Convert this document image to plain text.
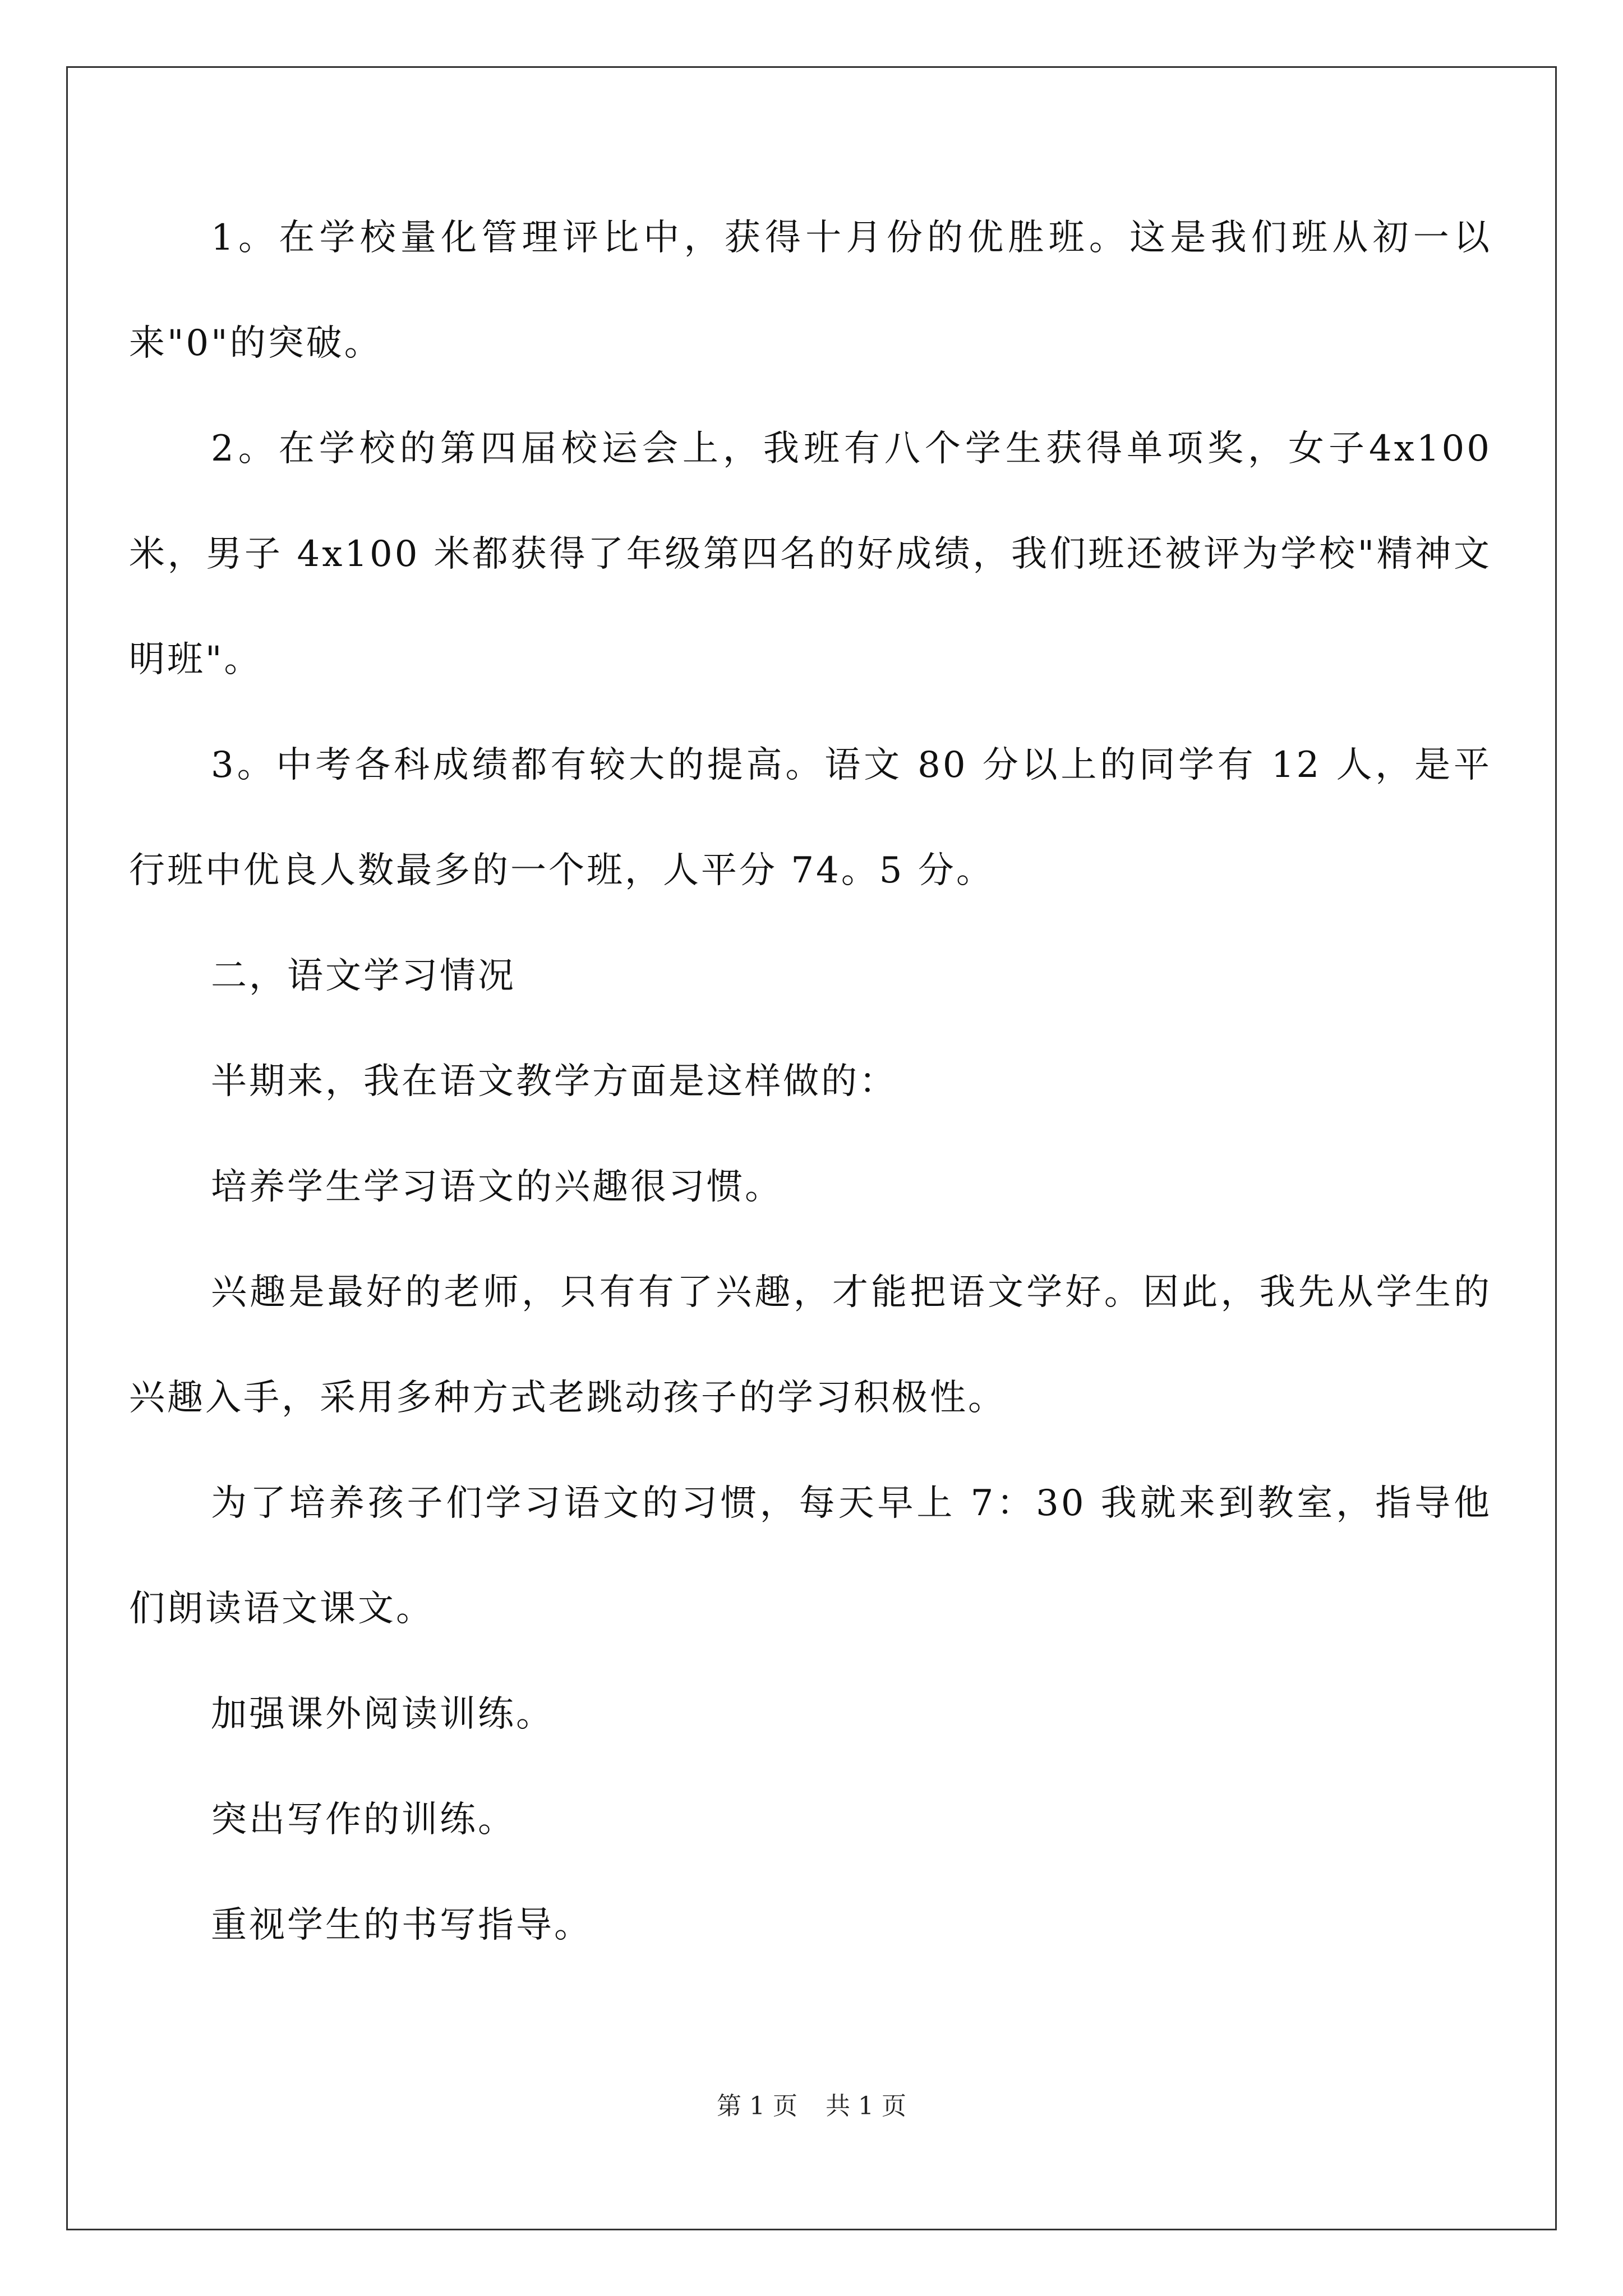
1。在学校量化管理评比中，获得十月份的优胜班。这是我们班从初一以来"0"的突破。

2。在学校的第四届校运会上，我班有八个学生获得单项奖，女子4x100 米，男子 4x100 米都获得了年级第四名的好成绩，我们班还被评为学校"精神文明班"。

3。中考各科成绩都有较大的提高。语文 80 分以上的同学有 12 人，是平行班中优良人数最多的一个班，人平分 74。5 分。

二，语文学习情况

半期来，我在语文教学方面是这样做的：

培养学生学习语文的兴趣很习惯。

兴趣是最好的老师，只有有了兴趣，才能把语文学好。因此，我先从学生的兴趣入手，采用多种方式老跳动孩子的学习积极性。

为了培养孩子们学习语文的习惯，每天早上 7：30 我就来到教室，指导他们朗读语文课文。

加强课外阅读训练。

突出写作的训练。

重视学生的书写指导。

第 1 页 共 1 页
